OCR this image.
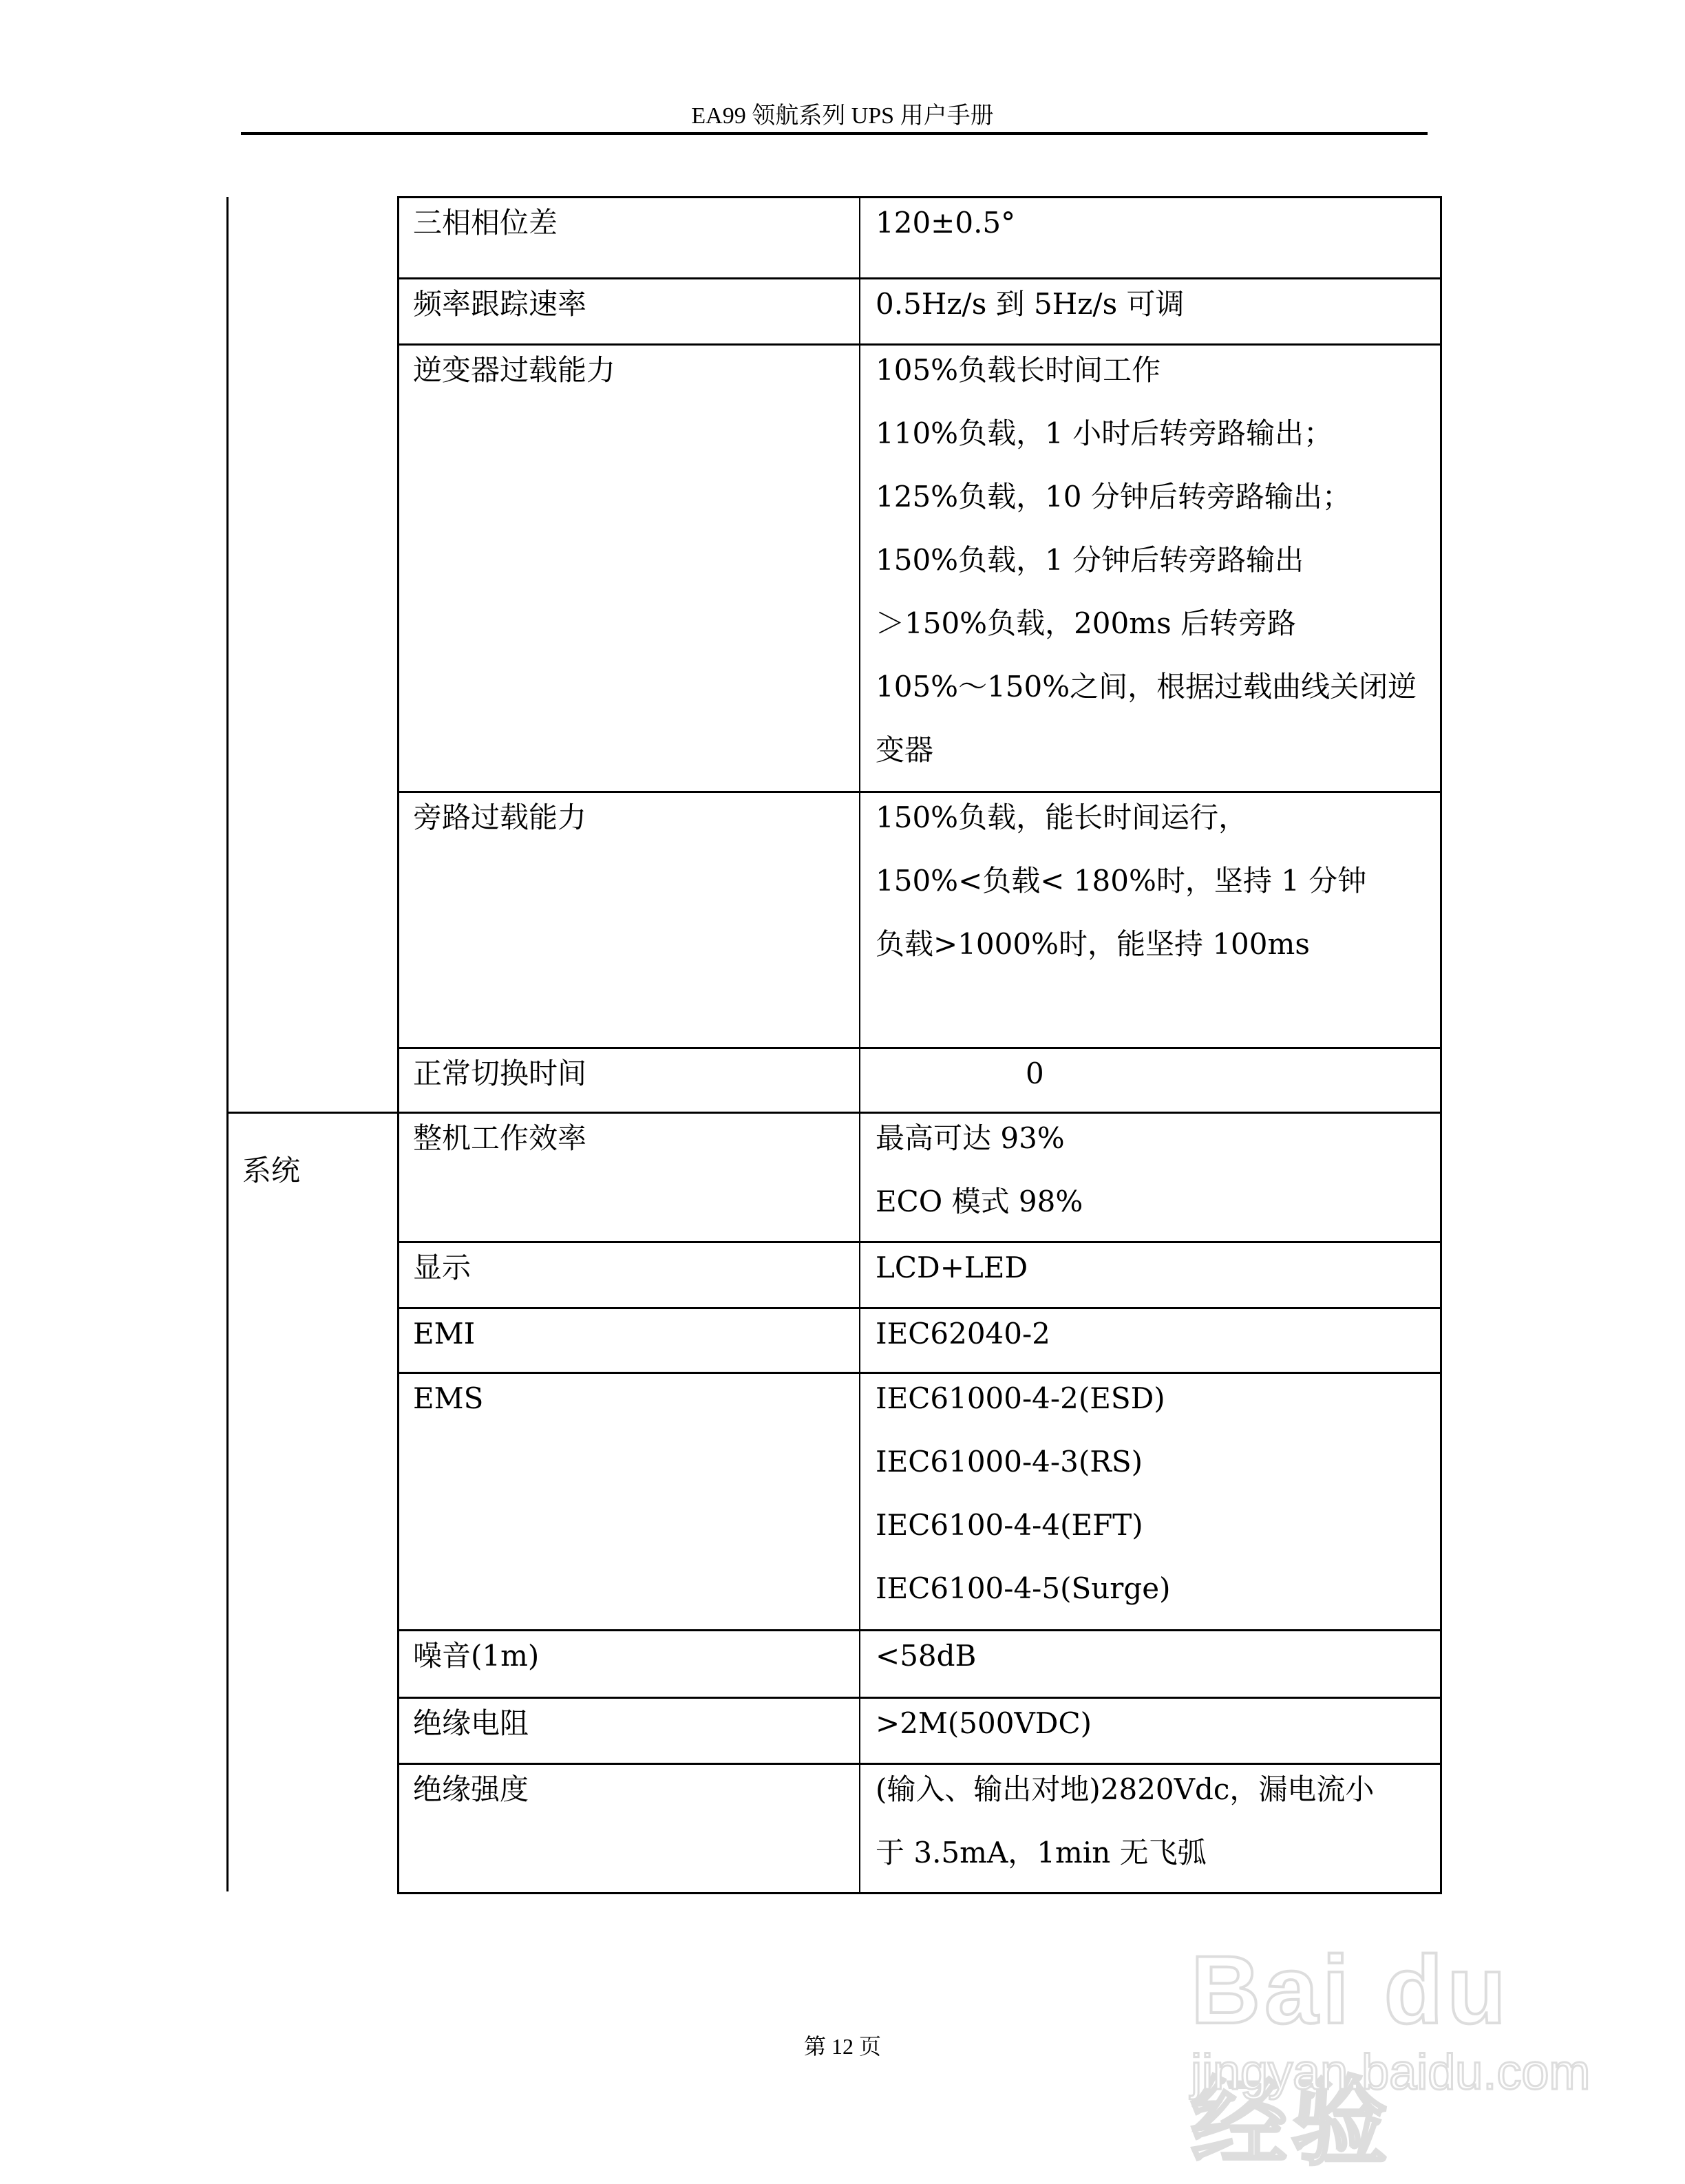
EA99 领航系列 UPS 用户手册
系统
三相相位差	120±0.5°
频率跟踪速率	0.5Hz/s 到 5Hz/s 可调
逆变器过载能力	105%负载长时间工作
110%负载，1 小时后转旁路输出；
125%负载，10 分钟后转旁路输出；
150%负载，1 分钟后转旁路输出
＞150%负载，200ms 后转旁路
105%～150%之间，根据过载曲线关闭逆
变器
旁路过载能力	150%负载，能长时间运行，
150%<负载< 180%时，坚持 1 分钟
负载>1000%时，能坚持 100ms
正常切换时间	0
整机工作效率	最高可达 93%
ECO 模式 98%
显示	LCD+LED
EMI	IEC62040-2
EMS	IEC61000-4-2(ESD)
IEC61000-4-3(RS)
IEC6100-4-4(EFT)
IEC6100-4-5(Surge)
噪音(1m)	<58dB
绝缘电阻	>2M(500VDC)
绝缘强度	(输入、输出对地)2820Vdc，漏电流小
于 3.5mA，1min 无飞弧
Bai du 经验
jingyan.baidu.com
第 12 页
